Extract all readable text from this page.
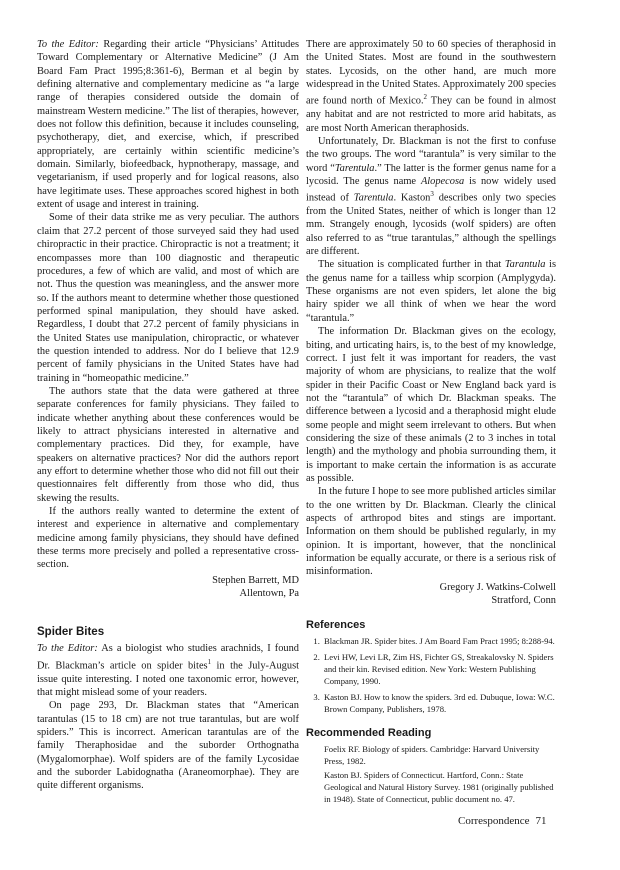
To the Editor: Regarding their article “Physicians’ Attitudes Toward Complementary or Alternative Medicine” (J Am Board Fam Pract 1995;8:361-6), Berman et al begin by defining alternative and complementary medicine as “a large range of therapies considered outside the domain of mainstream Western medicine.” The list of therapies, however, does not follow this definition, because it includes counseling, psychotherapy, diet, and exercise, which, if prescribed appropriately, are certainly within scientific medicine’s domain. Similarly, biofeedback, hypnotherapy, massage, and vegetarianism, if used properly and for logical reasons, also have legitimate uses. These approaches scored highest in both extent of usage and interest in training.

Some of their data strike me as very peculiar. The authors claim that 27.2 percent of those surveyed said they had used chiropractic in their practice. Chiropractic is not a treatment; it encompasses more than 100 diagnostic and therapeutic procedures, a few of which are valid, and most of which are not. Thus the question was meaningless, and the answer more so. If the authors meant to determine whether those questioned performed spinal manipulation, they should have asked. Regardless, I doubt that 27.2 percent of family physicians in the United States use manipulation, chiropractic, or whatever the question intended to address. Nor do I believe that 12.9 percent of family physicians in the United States have had training in “homeopathic medicine.”

The authors state that the data were gathered at three separate conferences for family physicians. They failed to indicate whether anything about these conferences would be likely to attract physicians interested in alternative and complementary practices. Did they, for example, have speakers on alternative practices? Nor did the authors report any effort to determine whether those who did not fill out their questionnaires felt differently from those who did, thus skewing the results.

If the authors really wanted to determine the extent of interest and experience in alternative and complementary medicine among family physicians, they should have defined these terms more precisely and polled a representative cross-section.

Stephen Barrett, MD
Allentown, Pa
Spider Bites

To the Editor: As a biologist who studies arachnids, I found Dr. Blackman’s article on spider bites$^1$ in the July-August issue quite interesting. I noted one taxonomic error, however, that might mislead some of your readers.

On page 293, Dr. Blackman states that “American tarantulas (15 to 18 cm) are not true tarantulas, but are wolf spiders.” This is incorrect. American tarantulas are of the family Theraphosidae and the suborder Orthognatha (Mygalomorphae). Wolf spiders are of the family Lycosidae and the suborder Labidognatha (Araneomorphae). They are quite different organisms.

There are approximately 50 to 60 species of theraphosid in the United States. Most are found in the southwestern states. Lycosids, on the other hand, are much more widespread in the United States. Approximately 200 species are found north of Mexico.$^2$ They can be found in almost any habitat and are not restricted to more arid habitats, as are most North American theraphosids.

Unfortunately, Dr. Blackman is not the first to confuse the two groups. The word “tarantula” is very similar to the word “Tarentula.” The latter is the former genus name for a lycosid. The genus name Alopecosa is now widely used instead of Tarentula. Kaston$^3$ describes only two species from the United States, neither of which is longer than 12 mm. Strangely enough, lycosids (wolf spiders) are often also referred to as “true tarantulas,” although the spellings are different.

The situation is complicated further in that Tarantula is the genus name for a tailless whip scorpion (Amplygyda). These organisms are not even spiders, let alone the big hairy spider we all think of when we hear the word “tarantula.”

The information Dr. Blackman gives on the ecology, biting, and urticating hairs, is, to the best of my knowledge, correct. I just felt it was important for readers, the vast majority of whom are physicians, to realize that the wolf spider in their Pacific Coast or New England back yard is not the “tarantula” of which Dr. Blackman speaks. The difference between a lycosid and a theraphosid might elude some people and might seem irrelevant to others. But when considering the size of these animals (2 to 3 inches in total length) and the mythology and phobia surrounding them, it is important to make certain the information is as accurate as possible.

In the future I hope to see more published articles similar to the one written by Dr. Blackman. Clearly the clinical aspects of arthropod bites and stings are important. Information on them should be published regularly, in my opinion. It is important, however, that the nonclinical information be equally accurate, or there is a serious risk of misinformation.

Gregory J. Watkins-Colwell
Stratford, Conn
References
1. Blackman JR. Spider bites. J Am Board Fam Pract 1995; 8:288-94.
2. Levi HW, Levi LR, Zim HS, Fichter GS, Streakalovsky N. Spiders and their kin. Revised edition. New York: Western Publishing Company, 1990.
3. Kaston BJ. How to know the spiders. 3rd ed. Dubuque, Iowa: W.C. Brown Company, Publishers, 1978.
Recommended Reading

Foelix RF. Biology of spiders. Cambridge: Harvard University Press, 1982.

Kaston BJ. Spiders of Connecticut. Hartford, Conn.: State Geological and Natural History Survey. 1981 (originally published in 1948). State of Connecticut, public document no. 47.

Correspondence 71
